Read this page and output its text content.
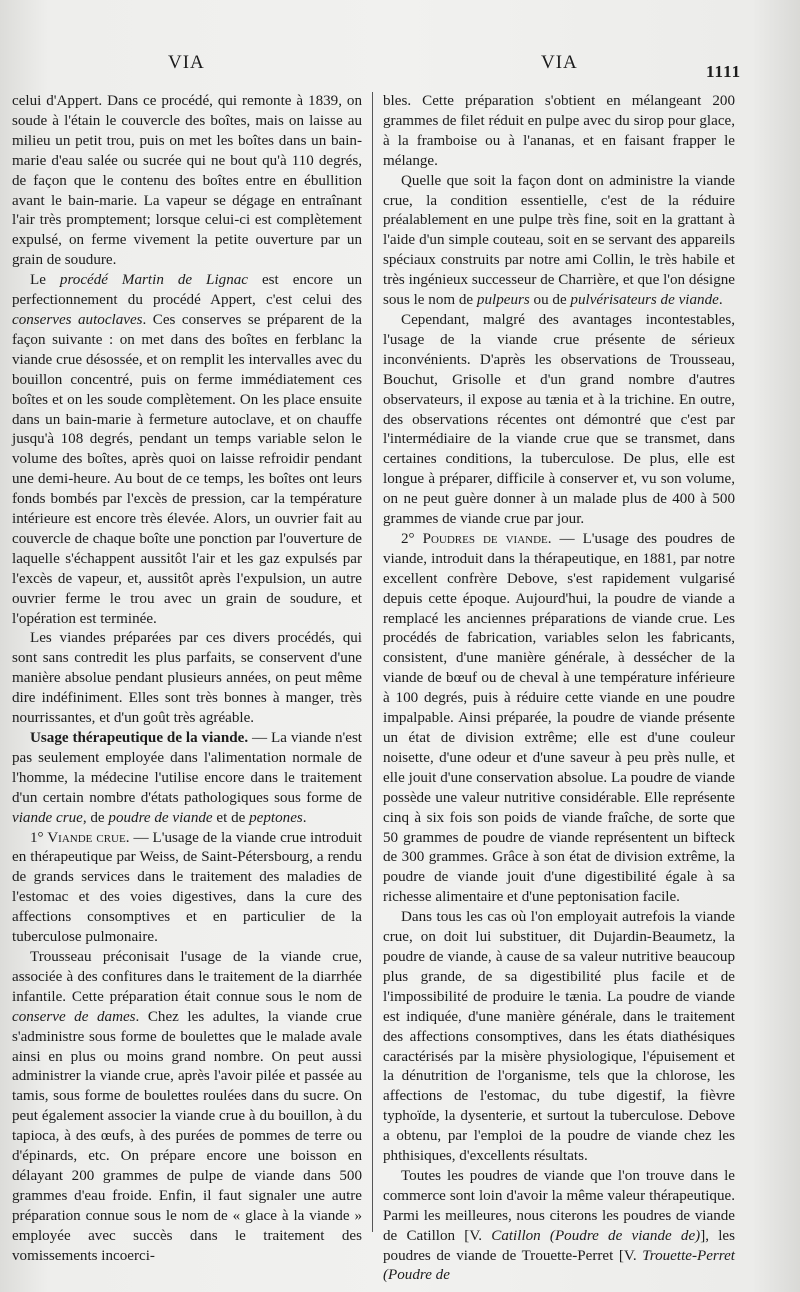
VIA	VIA	1111

celui d'Appert. Dans ce procédé, qui remonte à 1839, on soude à l'étain le couvercle des boîtes, mais on laisse au milieu un petit trou, puis on met les boîtes dans un bain-marie d'eau salée ou sucrée qui ne bout qu'à 110 degrés, de façon que le contenu des boîtes entre en ébullition avant le bain-marie. La vapeur se dégage en entraînant l'air très promptement; lorsque celui-ci est complètement expulsé, on ferme vivement la petite ouverture par un grain de soudure.

Le procédé Martin de Lignac est encore un perfectionnement du procédé Appert, c'est celui des conserves autoclaves. Ces conserves se préparent de la façon suivante : on met dans des boîtes en ferblanc la viande crue désossée, et on remplit les intervalles avec du bouillon concentré, puis on ferme immédiatement ces boîtes et on les soude complètement. On les place ensuite dans un bain-marie à fermeture autoclave, et on chauffe jusqu'à 108 degrés, pendant un temps variable selon le volume des boîtes, après quoi on laisse refroidir pendant une demi-heure. Au bout de ce temps, les boîtes ont leurs fonds bombés par l'excès de pression, car la température intérieure est encore très élevée. Alors, un ouvrier fait au couvercle de chaque boîte une ponction par l'ouverture de laquelle s'échappent aussitôt l'air et les gaz expulsés par l'excès de vapeur, et, aussitôt après l'expulsion, un autre ouvrier ferme le trou avec un grain de soudure, et l'opération est terminée.

Les viandes préparées par ces divers procédés, qui sont sans contredit les plus parfaits, se conservent d'une manière absolue pendant plusieurs années, on peut même dire indéfiniment. Elles sont très bonnes à manger, très nourrissantes, et d'un goût très agréable.

Usage thérapeutique de la viande. — La viande n'est pas seulement employée dans l'alimentation normale de l'homme, la médecine l'utilise encore dans le traitement d'un certain nombre d'états pathologiques sous forme de viande crue, de poudre de viande et de peptones.

1° Viande crue. — L'usage de la viande crue introduit en thérapeutique par Weiss, de Saint-Pétersbourg, a rendu de grands services dans le traitement des maladies de l'estomac et des voies digestives, dans la cure des affections consomptives et en particulier de la tuberculose pulmonaire.

Trousseau préconisait l'usage de la viande crue, associée à des confitures dans le traitement de la diarrhée infantile. Cette préparation était connue sous le nom de conserve de dames. Chez les adultes, la viande crue s'administre sous forme de boulettes que le malade avale ainsi en plus ou moins grand nombre. On peut aussi administrer la viande crue, après l'avoir pilée et passée au tamis, sous forme de boulettes roulées dans du sucre. On peut également associer la viande crue à du bouillon, à du tapioca, à des œufs, à des purées de pommes de terre ou d'épinards, etc. On prépare encore une boisson en délayant 200 grammes de pulpe de viande dans 500 grammes d'eau froide. Enfin, il faut signaler une autre préparation connue sous le nom de « glace à la viande » employée avec succès dans le traitement des vomissements incoerci-

bles. Cette préparation s'obtient en mélangeant 200 grammes de filet réduit en pulpe avec du sirop pour glace, à la framboise ou à l'ananas, et en faisant frapper le mélange.

Quelle que soit la façon dont on administre la viande crue, la condition essentielle, c'est de la réduire préalablement en une pulpe très fine, soit en la grattant à l'aide d'un simple couteau, soit en se servant des appareils spéciaux construits par notre ami Collin, le très habile et très ingénieux successeur de Charrière, et que l'on désigne sous le nom de pulpeurs ou de pulvérisateurs de viande.

Cependant, malgré des avantages incontestables, l'usage de la viande crue présente de sérieux inconvénients. D'après les observations de Trousseau, Bouchut, Grisolle et d'un grand nombre d'autres observateurs, il expose au tænia et à la trichine. En outre, des observations récentes ont démontré que c'est par l'intermédiaire de la viande crue que se transmet, dans certaines conditions, la tuberculose. De plus, elle est longue à préparer, difficile à conserver et, vu son volume, on ne peut guère donner à un malade plus de 400 à 500 grammes de viande crue par jour.

2° Poudres de viande. — L'usage des poudres de viande, introduit dans la thérapeutique, en 1881, par notre excellent confrère Debove, s'est rapidement vulgarisé depuis cette époque. Aujourd'hui, la poudre de viande a remplacé les anciennes préparations de viande crue. Les procédés de fabrication, variables selon les fabricants, consistent, d'une manière générale, à dessécher de la viande de bœuf ou de cheval à une température inférieure à 100 degrés, puis à réduire cette viande en une poudre impalpable. Ainsi préparée, la poudre de viande présente un état de division extrême; elle est d'une couleur noisette, d'une odeur et d'une saveur à peu près nulle, et elle jouit d'une conservation absolue. La poudre de viande possède une valeur nutritive considérable. Elle représente cinq à six fois son poids de viande fraîche, de sorte que 50 grammes de poudre de viande représentent un bifteck de 300 grammes. Grâce à son état de division extrême, la poudre de viande jouit d'une digestibilité égale à sa richesse alimentaire et d'une peptonisation facile.

Dans tous les cas où l'on employait autrefois la viande crue, on doit lui substituer, dit Dujardin-Beaumetz, la poudre de viande, à cause de sa valeur nutritive beaucoup plus grande, de sa digestibilité plus facile et de l'impossibilité de produire le tænia. La poudre de viande est indiquée, d'une manière générale, dans le traitement des affections consomptives, dans les états diathésiques caractérisés par la misère physiologique, l'épuisement et la dénutrition de l'organisme, tels que la chlorose, les affections de l'estomac, du tube digestif, la fièvre typhoïde, la dysenterie, et surtout la tuberculose. Debove a obtenu, par l'emploi de la poudre de viande chez les phthisiques, d'excellents résultats.

Toutes les poudres de viande que l'on trouve dans le commerce sont loin d'avoir la même valeur thérapeutique. Parmi les meilleures, nous citerons les poudres de viande de Catillon [V. Catillon (Poudre de viande de)], les poudres de viande de Trouette-Perret [V. Trouette-Perret (Poudre de
